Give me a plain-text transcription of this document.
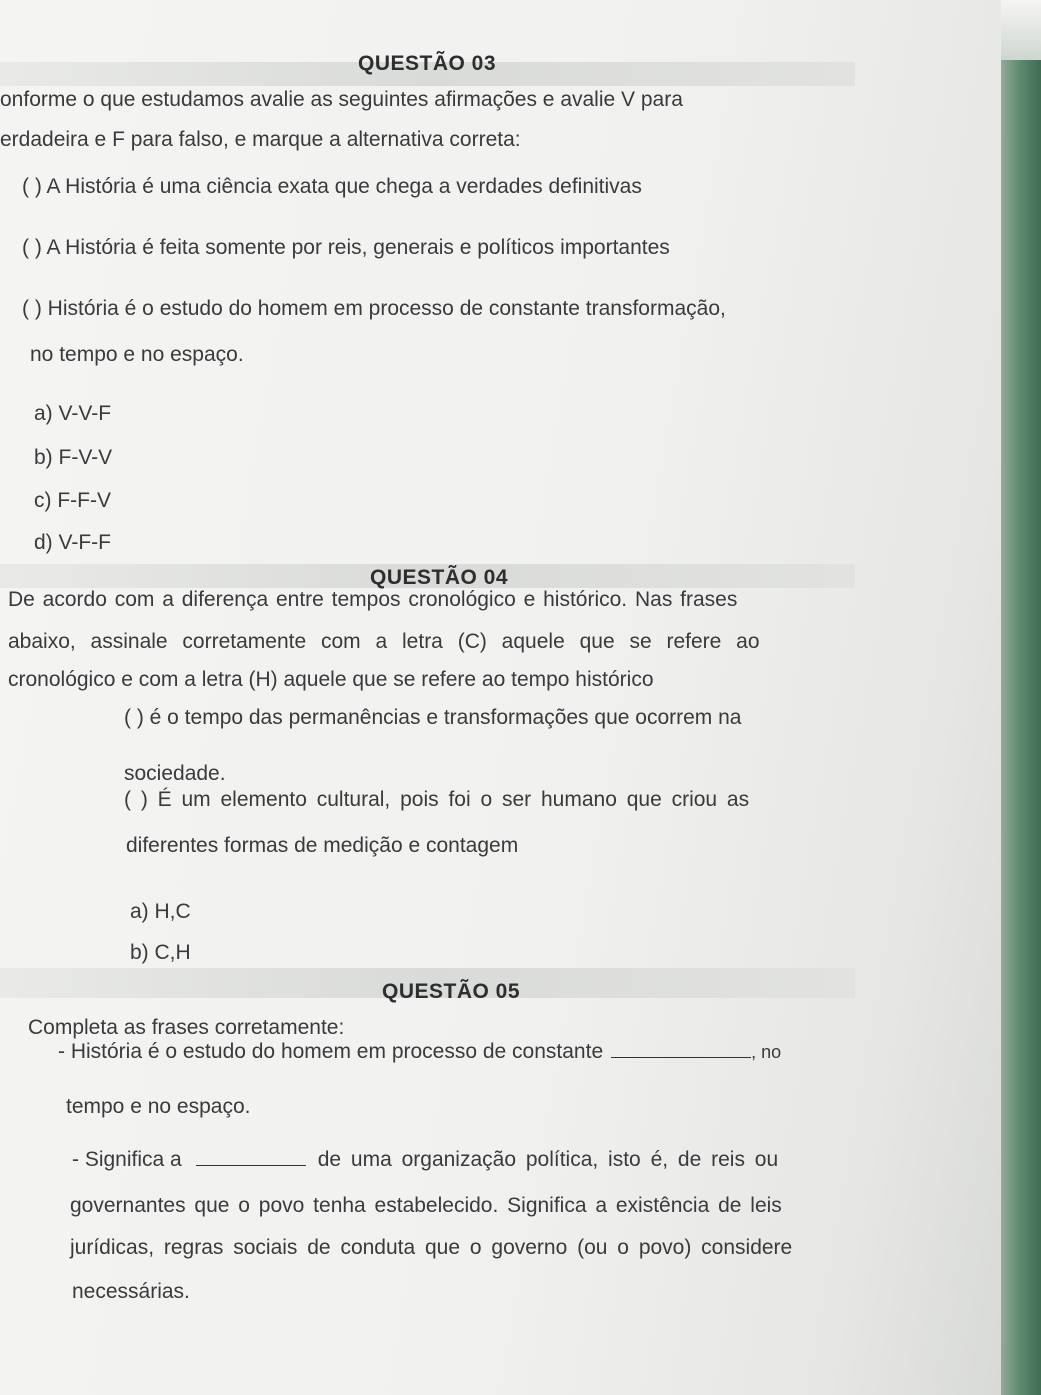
QUESTÃO 03
onforme o que estudamos avalie as seguintes afirmações e avalie V para
erdadeira e F para falso, e marque a alternativa correta:
( ) A História é uma ciência exata que chega a verdades definitivas
( ) A História é feita somente por reis, generais e políticos importantes
( ) História é o estudo do homem em processo de constante transformação,
no tempo e no espaço.
a) V-V-F
b) F-V-V
c) F-F-V
d) V-F-F
QUESTÃO 04
De acordo com a diferença entre tempos cronológico e histórico. Nas frases
abaixo, assinale corretamente com a letra (C) aquele que se refere ao
cronológico e com a letra (H) aquele que se refere ao tempo histórico
( ) é o tempo das permanências e transformações que ocorrem na
sociedade.
( ) É um elemento cultural, pois foi o ser humano que criou as
diferentes formas de medição e contagem
a) H,C
b) C,H
QUESTÃO 05
Completa as frases corretamente:
- História é o estudo do homem em processo de constante	, no
tempo e no espaço.
- Significa a	de uma organização política, isto é, de reis ou
governantes que o povo tenha estabelecido. Significa a existência de leis
jurídicas, regras sociais de conduta que o governo (ou o povo) considere
necessárias.
